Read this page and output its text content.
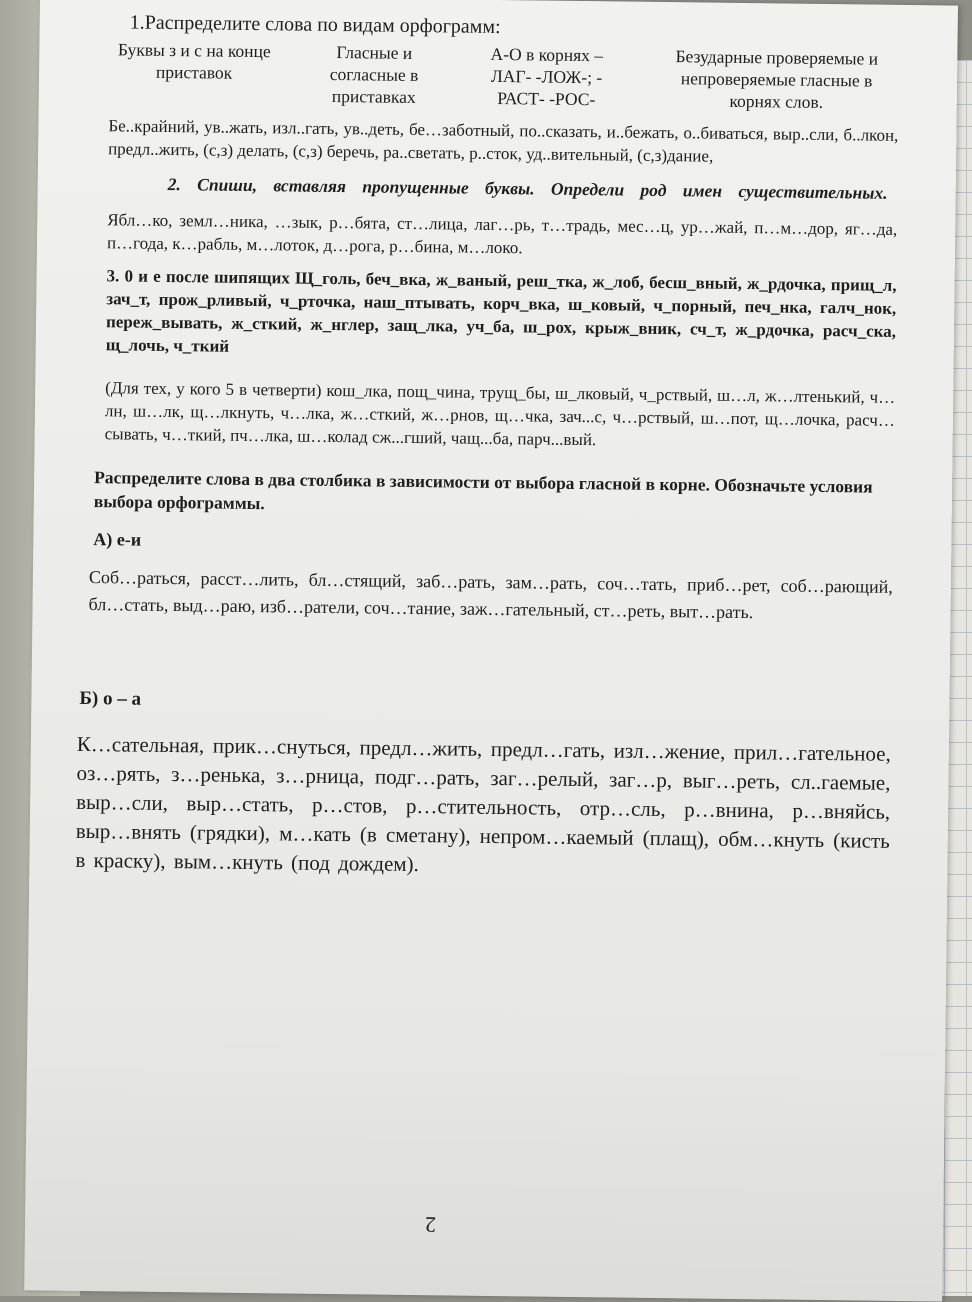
1.Распределите слова по видам орфограмм:

Буквы з и с на конце приставок
Гласные и согласные в приставках
А-О в корнях – ЛАГ- -ЛОЖ-; - РАСТ- -РОС-
Безударные проверяемые и непроверяемые гласные в корнях слов.

Бе..крайний, ув..жать, изл..гать, ув..деть, бе…заботный, по..сказать, и..бежать, о..биваться, выр..сли, б..лкон, предл..жить, (с,з) делать, (с,з) беречь, ра..светать, р..сток, уд..вительный, (с,з)дание,

2. Спиши, вставляя пропущенные буквы. Определи род имен существительных.

Ябл…ко, земл…ника, …зык, р…бята, ст…лица, лаг…рь, т…традь, мес…ц, ур…жай, п…м…дор, яг…да, п…года, к…рабль, м…лоток, д…рога, р…бина, м…локо.

3. 0 и е после шипящих Щ_голь, беч_вка, ж_ваный, реш_тка, ж_лоб, бесш_вный, ж_рдочка, прищ_л, зач_т, прож_рливый, ч_рточка, наш_птывать, корч_вка, ш_ковый, ч_порный, печ_нка, галч_нок, переж_вывать, ж_сткий, ж_нглер, защ_лка, уч_ба, ш_рох, крыж_вник, сч_т, ж_рдочка, расч_ска, щ_лочь, ч_ткий

(Для тех, у кого 5 в четверти) кош_лка, пощ_чина, трущ_бы, ш_лковый, ч_рствый, ш…л, ж…лтенький, ч…лн, ш…лк, щ…лкнуть, ч…лка, ж…сткий, ж…рнов, щ…чка, зач...с, ч…рствый, ш…пот, щ…лочка, расч…сывать, ч…ткий, пч…лка, ш…колад сж...гший, чащ...ба, парч...вый.

Распределите слова в два столбика в зависимости от выбора гласной в корне. Обозначьте условия выбора орфограммы.

А) е-и

Соб…раться, расст…лить, бл…стящий, заб…рать, зам…рать, соч…тать, приб…рет, соб…рающий, бл…стать, выд…раю, изб…ратели, соч…тание, заж…гательный, ст…реть, выт…рать.

Б) о – а

К…сательная, прик…снуться, предл…жить, предл…гать, изл…жение, прил…гательное, оз…рять, з…ренька, з…рница, подг…рать, заг…релый, заг…р, выг…реть, сл..гаемые, выр…сли, выр…стать, р…стов, р…стительность, отр…сль, р…внина, р…вняйсь, выр…внять (грядки), м…кать (в сметану), непром…каемый (плащ), обм…кнуть (кисть в краску), вым…кнуть (под дождем).

2
